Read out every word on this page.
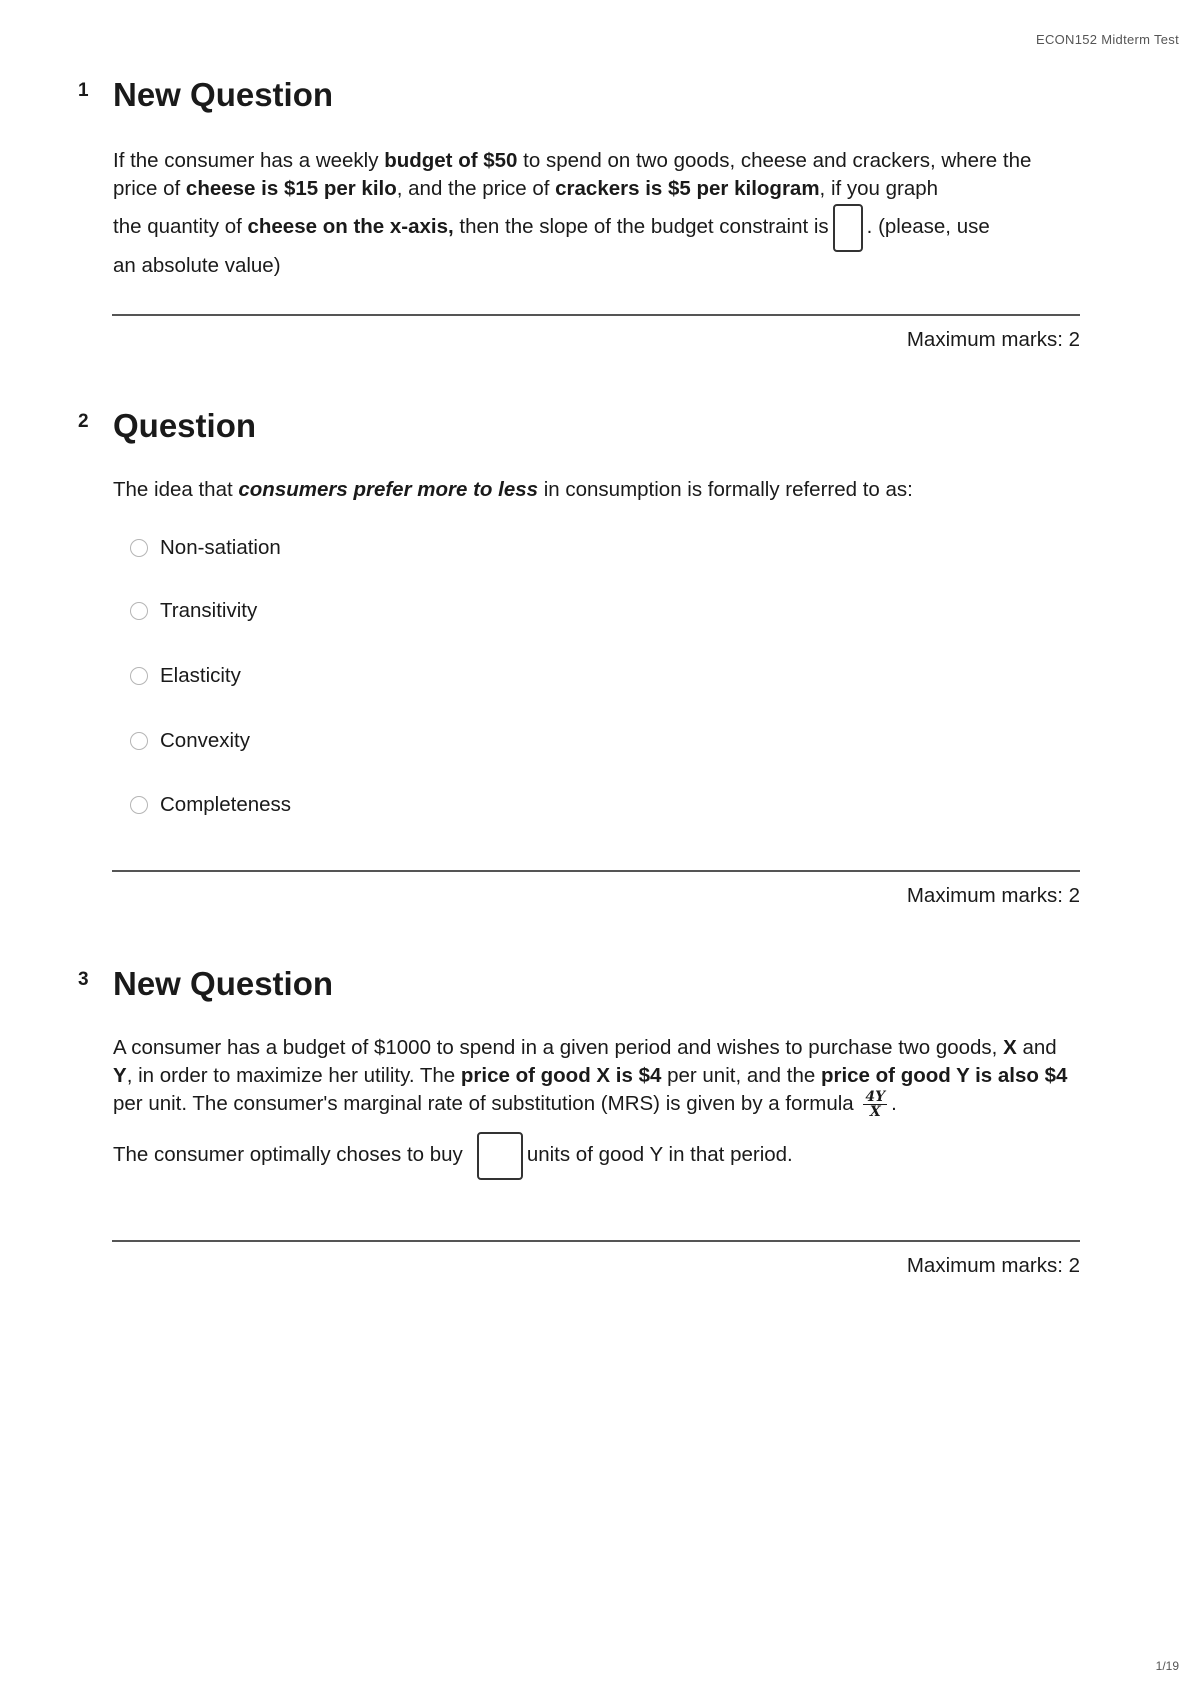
ECON152 Midterm Test
1 New Question
If the consumer has a weekly budget of $50 to spend on two goods, cheese and crackers, where the price of cheese is $15 per kilo, and the price of crackers is $5 per kilogram, if you graph
the quantity of cheese on the x-axis, then the slope of the budget constraint is . (please, use
an absolute value)
Maximum marks: 2
2 Question
The idea that consumers prefer more to less in consumption is formally referred to as:
Non-satiation
Transitivity
Elasticity
Convexity
Completeness
Maximum marks: 2
3 New Question
A consumer has a budget of $1000 to spend in a given period and wishes to purchase two goods, X and Y, in order to maximize her utility. The price of good X is $4 per unit, and the price of good Y is also $4 per unit. The consumer's marginal rate of substitution (MRS) is given by a formula $\frac{4Y}{X}$ .
The consumer optimally choses to buy	units of good Y in that period.
Maximum marks: 2
1/19
